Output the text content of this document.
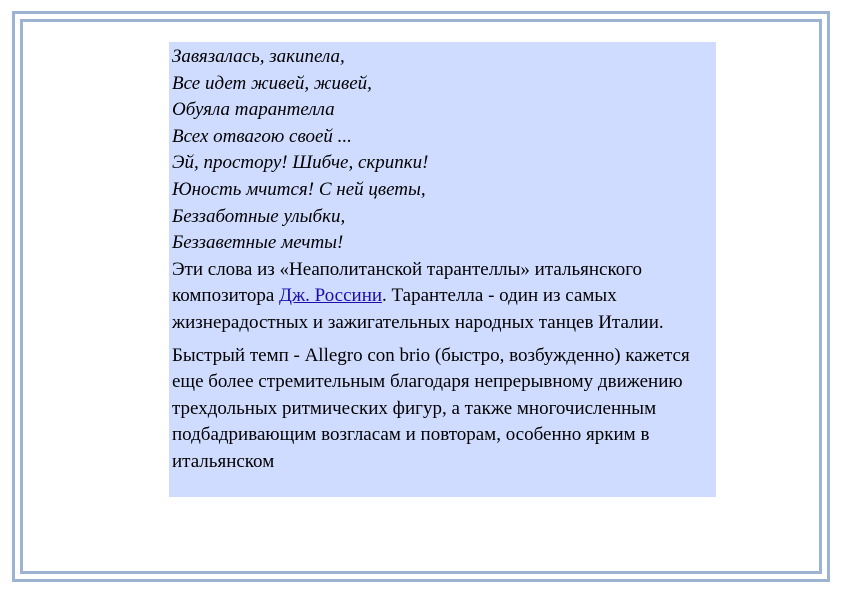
Завязалась, закипела,
Все идет живей, живей,
Обуяла тарантелла
Всех отвагою своей ...
Эй, простору! Шибче, скрипки!
Юность мчится! С ней цветы,
Беззаботные улыбки,
Беззаветные мечты!

Эти слова из «Неаполитанской тарантеллы» итальянского композитора Дж. Россини. Тарантелла - один из самых жизнерадостных и зажигательных народных танцев Италии.

Быстрый темп - Allegro con brio (быстро, возбужденно) кажется еще более стремительным благодаря непрерывному движению трехдольных ритмических фигур, а также многочисленным подбадривающим возгласам и повторам, особенно ярким в итальянском
